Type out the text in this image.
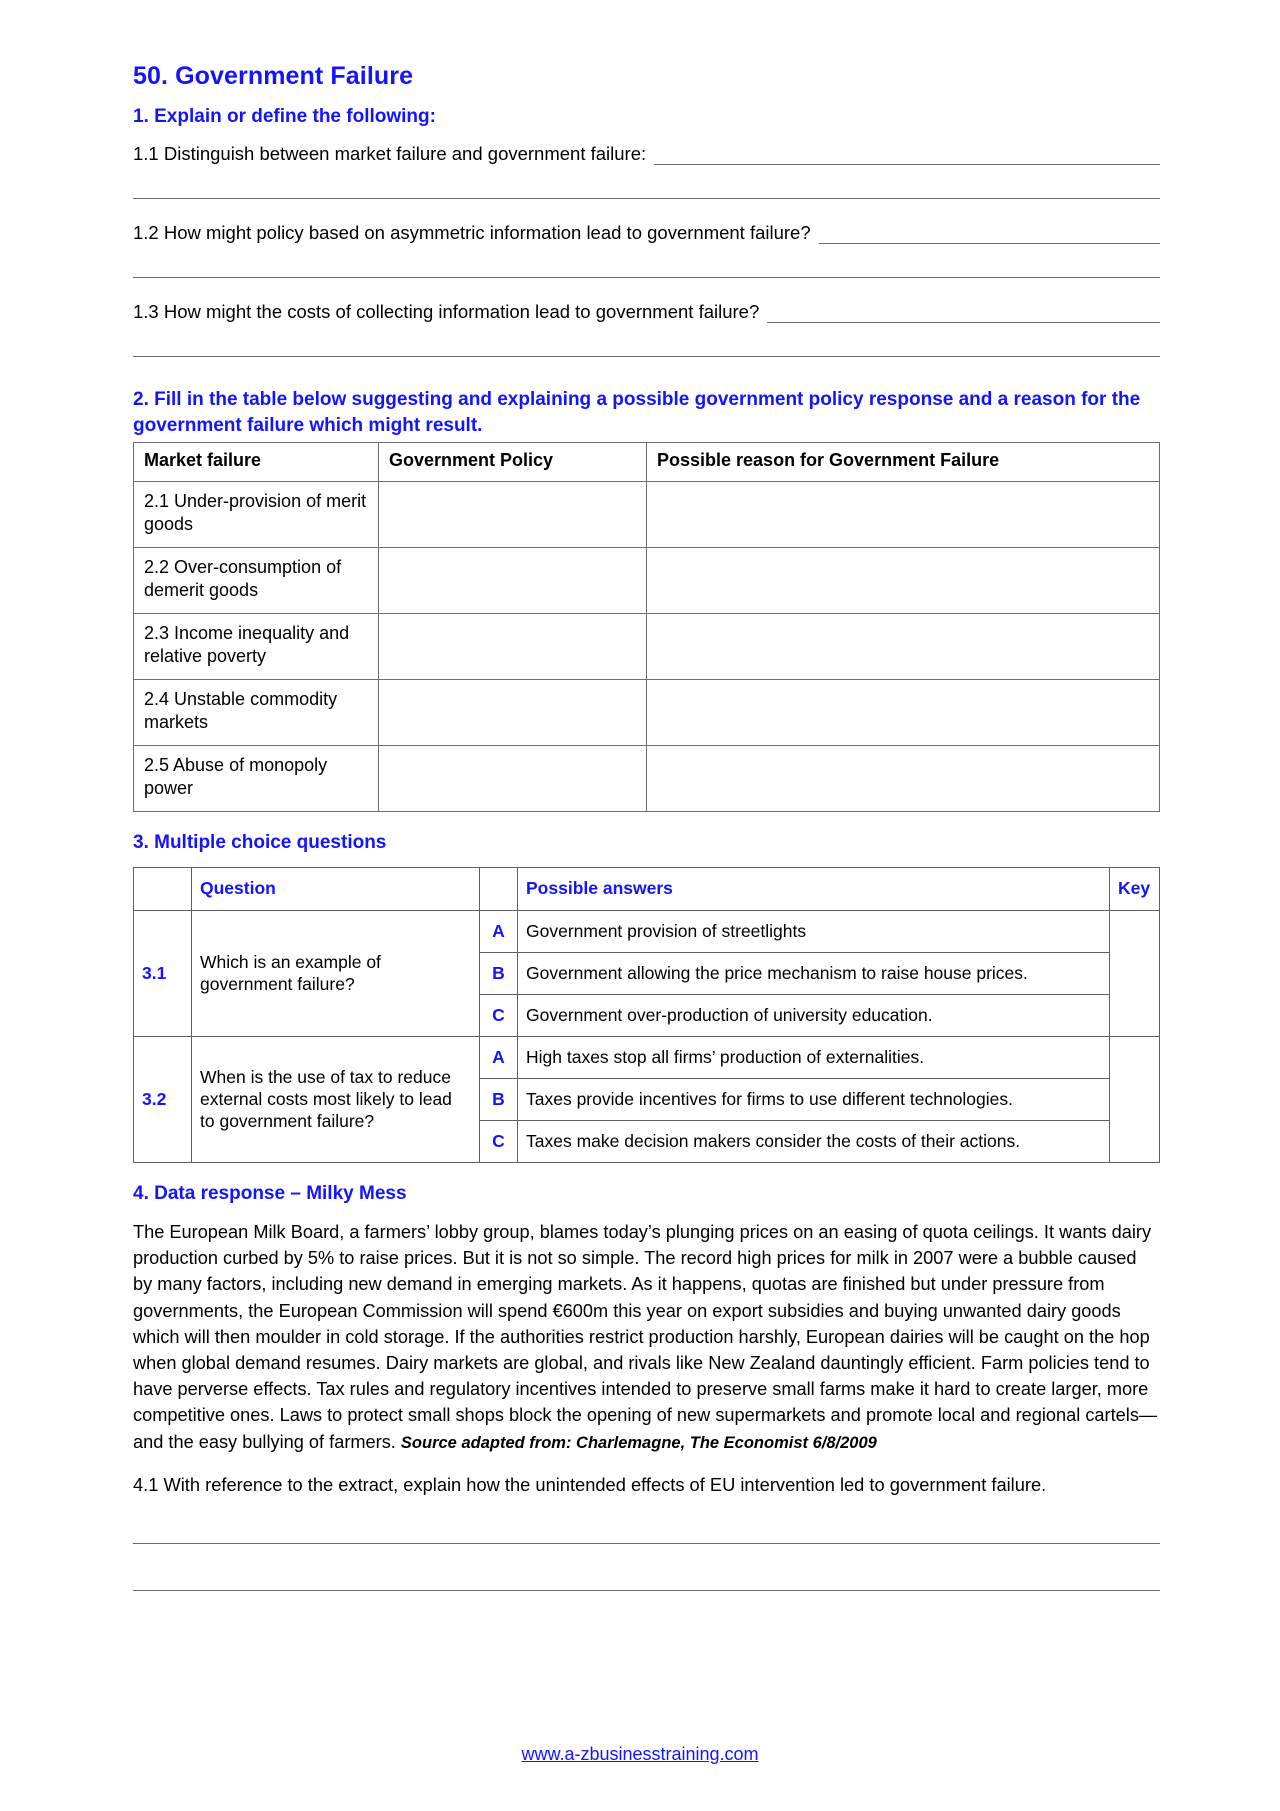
50. Government Failure
1. Explain or define the following:
1.1 Distinguish between market failure and government failure:
1.2 How might policy based on asymmetric information lead to government failure?
1.3 How might the costs of collecting information lead to government failure?
2. Fill in the table below suggesting and explaining a possible government policy response and a reason for the government failure which might result.
Market failure	Government Policy	Possible reason for Government Failure
2.1 Under-provision of merit goods		
2.2 Over-consumption of demerit goods		
2.3 Income inequality and relative poverty		
2.4 Unstable commodity markets		
2.5 Abuse of monopoly power		
3. Multiple choice questions
	Question		Possible answers	Key
3.1	Which is an example of government failure?	A	Government provision of streetlights	
		B	Government allowing the price mechanism to raise house prices.	
		C	Government over-production of university education.	
3.2	When is the use of tax to reduce external costs most likely to lead to government failure?	A	High taxes stop all firms’ production of externalities.	
		B	Taxes provide incentives for firms to use different technologies.	
		C	Taxes make decision makers consider the costs of their actions.	
4. Data response – Milky Mess

The European Milk Board, a farmers’ lobby group, blames today’s plunging prices on an easing of quota ceilings. It wants dairy production curbed by 5% to raise prices. But it is not so simple. The record high prices for milk in 2007 were a bubble caused by many factors, including new demand in emerging markets. As it happens, quotas are finished but under pressure from governments, the European Commission will spend €600m this year on export subsidies and buying unwanted dairy goods which will then moulder in cold storage. If the authorities restrict production harshly, European dairies will be caught on the hop when global demand resumes. Dairy markets are global, and rivals like New Zealand dauntingly efficient. Farm policies tend to have perverse effects. Tax rules and regulatory incentives intended to preserve small farms make it hard to create larger, more competitive ones. Laws to protect small shops block the opening of new supermarkets and promote local and regional cartels—and the easy bullying of farmers. Source adapted from: Charlemagne, The Economist 6/8/2009

4.1 With reference to the extract, explain how the unintended effects of EU intervention led to government failure.

www.a-zbusinesstraining.com
